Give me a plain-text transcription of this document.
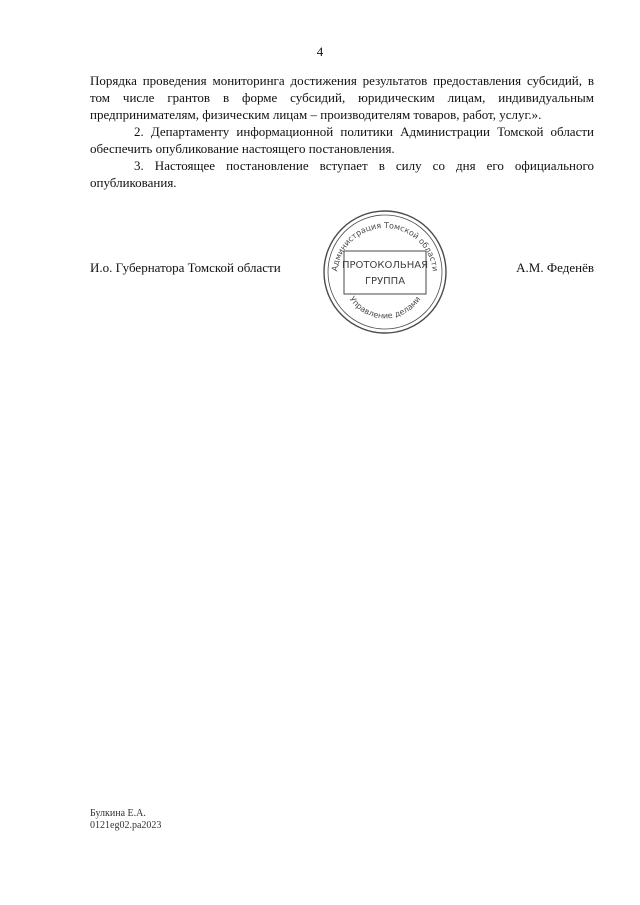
4

Порядка проведения мониторинга достижения результатов предоставления субсидий, в том числе грантов в форме субсидий, юридическим лицам, индивидуальным предпринимателям, физическим лицам – производителям товаров, работ, услуг.».

2. Департаменту информационной политики Администрации Томской области обеспечить опубликование настоящего постановления.

3. Настоящее постановление вступает в силу со дня его официального опубликования.

И.о. Губернатора Томской области	А.М. Феденёв
Администрация Томской области
Управление делами
ПРОТОКОЛЬНАЯ
ГРУППА
Булкина Е.А.
0121eg02.pa2023
